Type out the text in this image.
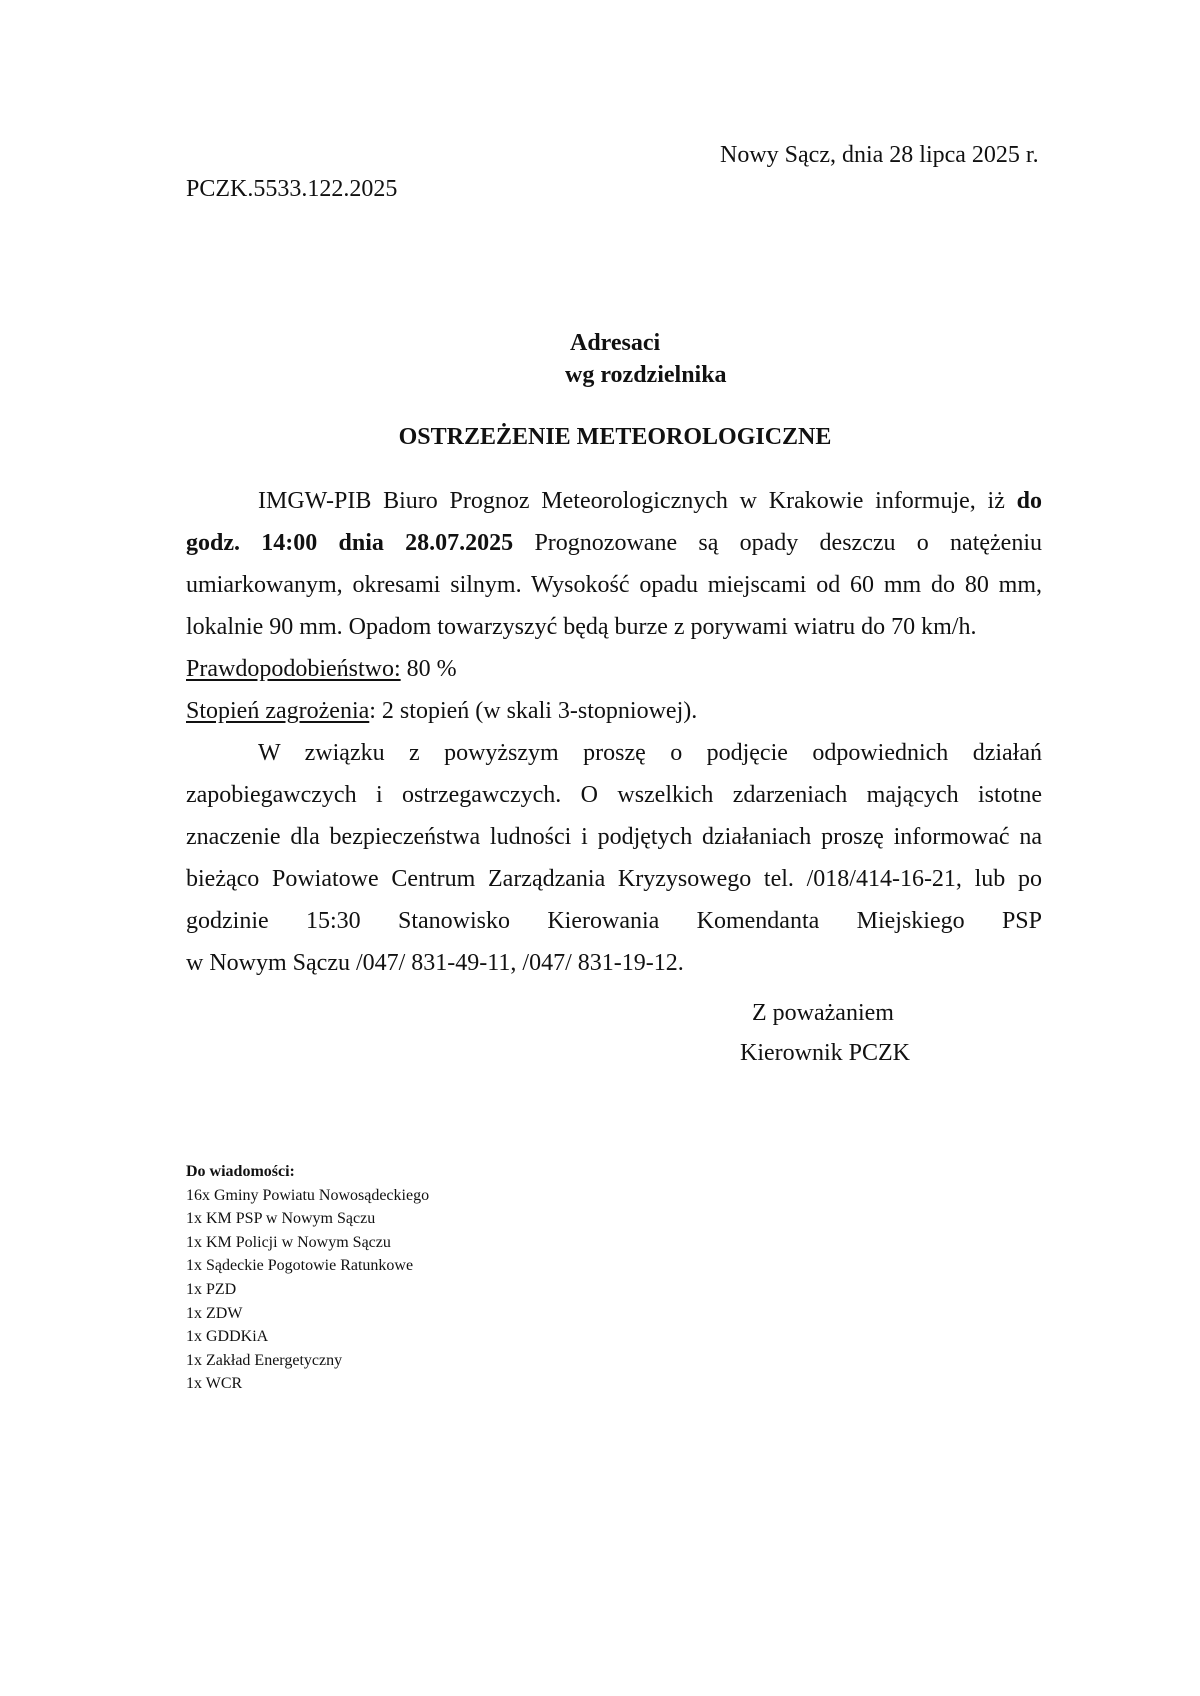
Nowy Sącz, dnia 28 lipca 2025 r.
PCZK.5533.122.2025
Adresaci
wg rozdzielnika
OSTRZEŻENIE METEOROLOGICZNE

IMGW-PIB Biuro Prognoz Meteorologicznych w Krakowie informuje, iż do

godz. 14:00 dnia 28.07.2025 Prognozowane są opady deszczu o natężeniu
umiarkowanym, okresami silnym. Wysokość opadu miejscami od 60 mm do 80 mm,
lokalnie 90 mm. Opadom towarzyszyć będą burze z porywami wiatru do 70 km/h.

Prawdopodobieństwo: 80 %
Stopień zagrożenia: 2 stopień (w skali 3-stopniowej).

W związku z powyższym proszę o podjęcie odpowiednich działań

zapobiegawczych i ostrzegawczych. O wszelkich zdarzeniach mających istotne
znaczenie dla bezpieczeństwa ludności i podjętych działaniach proszę informować na
bieżąco Powiatowe Centrum Zarządzania Kryzysowego tel. /018/414-16-21, lub po
godzinie 15:30 Stanowisko Kierowania Komendanta Miejskiego PSP
w Nowym Sączu /047/ 831-49-11, /047/ 831-19-12.

Z poważaniem
Kierownik PCZK
Do wiadomości:
16x Gminy Powiatu Nowosądeckiego
1x KM PSP w Nowym Sączu
1x KM Policji w Nowym Sączu
1x Sądeckie Pogotowie Ratunkowe
1x PZD
1x ZDW
1x GDDKiA
1x Zakład Energetyczny
1x WCR
